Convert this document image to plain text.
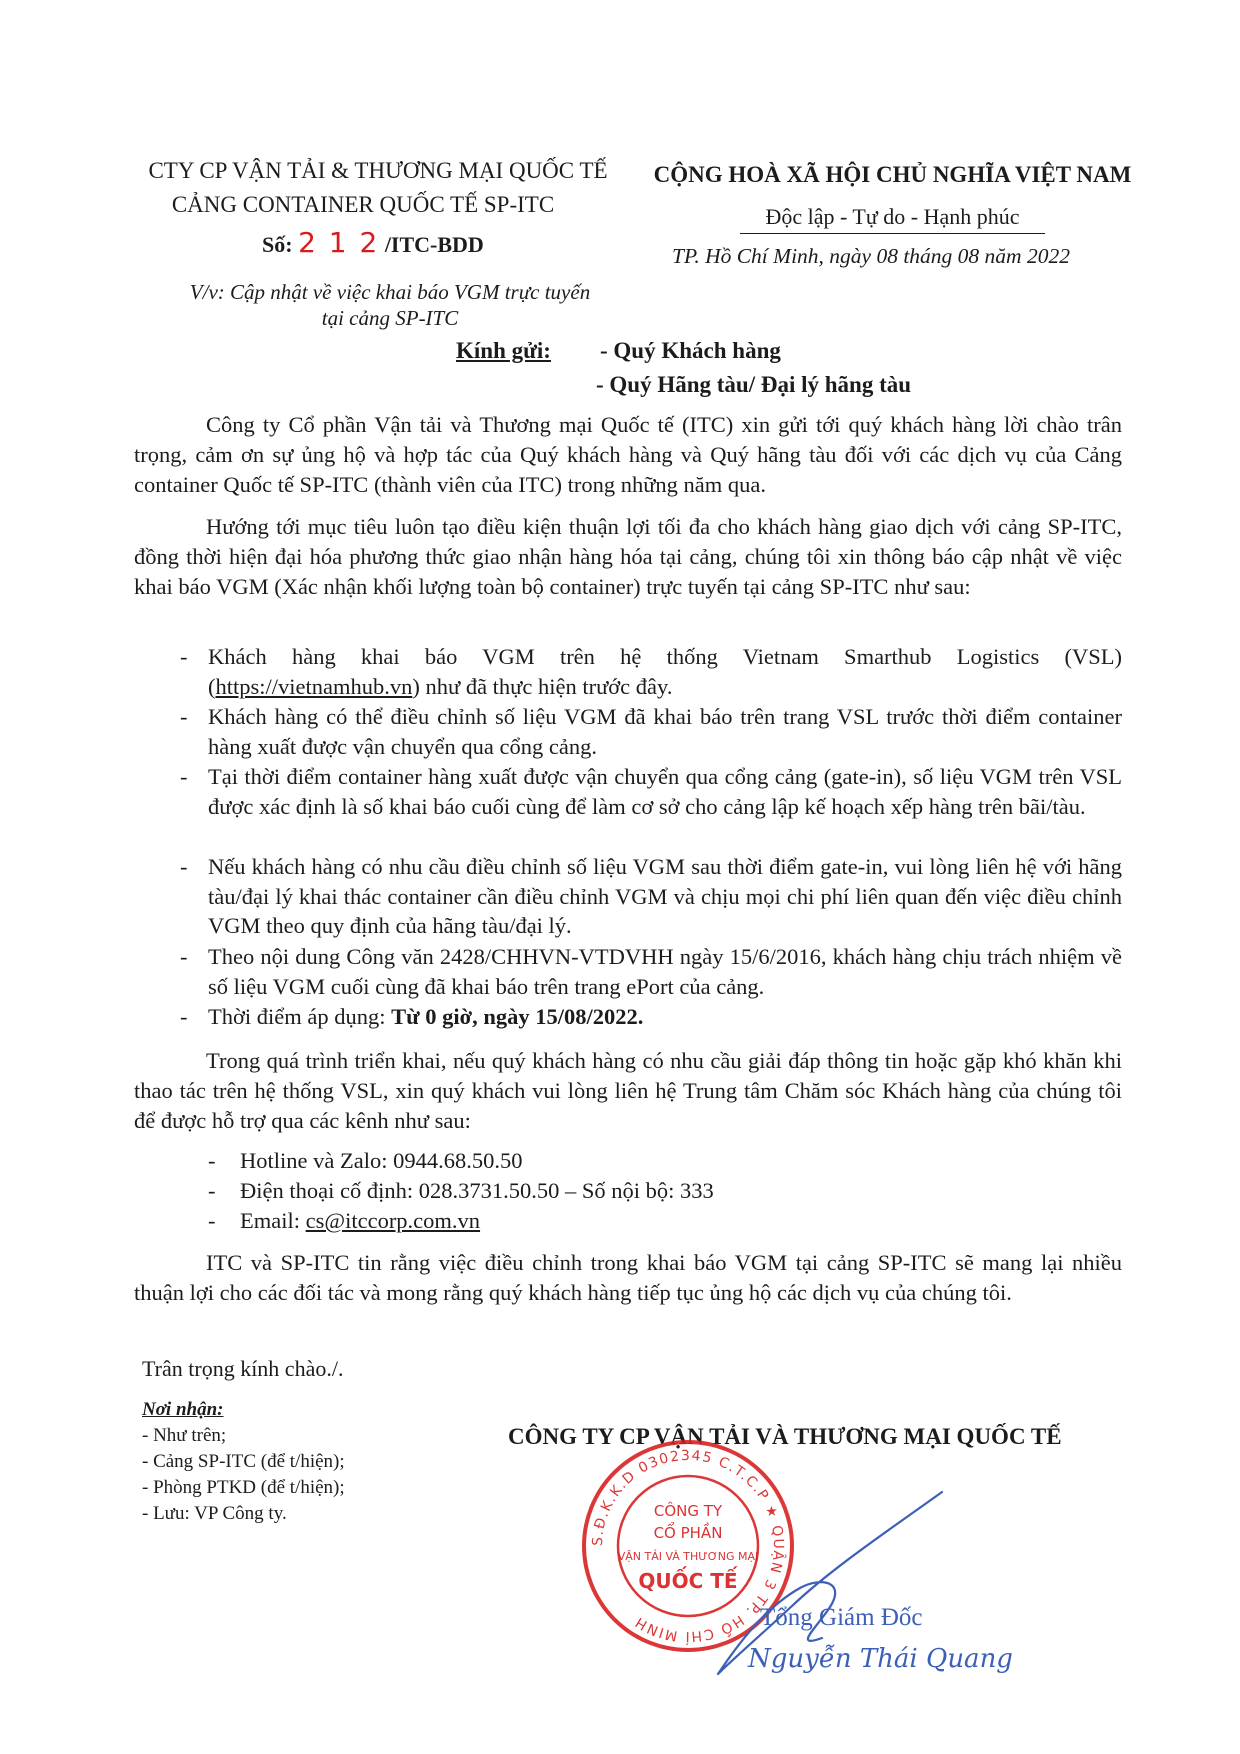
CTY CP VẬN TẢI & THƯƠNG MẠI QUỐC TẾ
CẢNG CONTAINER QUỐC TẾ SP-ITC
Số: 2 1 2 /ITC-BDD
V/v: Cập nhật về việc khai báo VGM trực tuyến
tại cảng SP-ITC
CỘNG HOÀ XÃ HỘI CHỦ NGHĨA VIỆT NAM
Độc lập - Tự do - Hạnh phúc
TP. Hồ Chí Minh, ngày 08 tháng 08 năm 2022
Kính gửi: - Quý Khách hàng
- Quý Hãng tàu/ Đại lý hãng tàu
Công ty Cổ phần Vận tải và Thương mại Quốc tế (ITC) xin gửi tới quý khách hàng lời chào trân trọng, cảm ơn sự ủng hộ và hợp tác của Quý khách hàng và Quý hãng tàu đối với các dịch vụ của Cảng container Quốc tế SP-ITC (thành viên của ITC) trong những năm qua.
Hướng tới mục tiêu luôn tạo điều kiện thuận lợi tối đa cho khách hàng giao dịch với cảng SP-ITC, đồng thời hiện đại hóa phương thức giao nhận hàng hóa tại cảng, chúng tôi xin thông báo cập nhật về việc khai báo VGM (Xác nhận khối lượng toàn bộ container) trực tuyến tại cảng SP-ITC như sau:
- Khách hàng khai báo VGM trên hệ thống Vietnam Smarthub Logistics (VSL) (https://vietnamhub.vn) như đã thực hiện trước đây.
- Khách hàng có thể điều chỉnh số liệu VGM đã khai báo trên trang VSL trước thời điểm container hàng xuất được vận chuyển qua cổng cảng.
- Tại thời điểm container hàng xuất được vận chuyển qua cổng cảng (gate-in), số liệu VGM trên VSL được xác định là số khai báo cuối cùng để làm cơ sở cho cảng lập kế hoạch xếp hàng trên bãi/tàu.
- Nếu khách hàng có nhu cầu điều chỉnh số liệu VGM sau thời điểm gate-in, vui lòng liên hệ với hãng tàu/đại lý khai thác container cần điều chỉnh VGM và chịu mọi chi phí liên quan đến việc điều chỉnh VGM theo quy định của hãng tàu/đại lý.
- Theo nội dung Công văn 2428/CHHVN-VTDVHH ngày 15/6/2016, khách hàng chịu trách nhiệm về số liệu VGM cuối cùng đã khai báo trên trang ePort của cảng.
- Thời điểm áp dụng: Từ 0 giờ, ngày 15/08/2022.
Trong quá trình triển khai, nếu quý khách hàng có nhu cầu giải đáp thông tin hoặc gặp khó khăn khi thao tác trên hệ thống VSL, xin quý khách vui lòng liên hệ Trung tâm Chăm sóc Khách hàng của chúng tôi để được hỗ trợ qua các kênh như sau:
- Hotline và Zalo: 0944.68.50.50
- Điện thoại cố định: 028.3731.50.50 – Số nội bộ: 333
- Email: cs@itccorp.com.vn
ITC và SP-ITC tin rằng việc điều chỉnh trong khai báo VGM tại cảng SP-ITC sẽ mang lại nhiều thuận lợi cho các đối tác và mong rằng quý khách hàng tiếp tục ủng hộ các dịch vụ của chúng tôi.
Trân trọng kính chào./.
Nơi nhận:
- Như trên;
- Cảng SP-ITC (để t/hiện);
- Phòng PTKD (để t/hiện);
- Lưu: VP Công ty.
CÔNG TY CP VẬN TẢI VÀ THƯƠNG MẠI QUỐC TẾ
S.Đ.K.K.D 0302345 C.T.C.P ★ QUẬN 3 TP. HỒ CHÍ MINH
CÔNG TY
CỔ PHẦN
VẬN TẢI VÀ THƯƠNG MẠI
QUỐC TẾ
Tổng Giám Đốc
Nguyễn Thái Quang
